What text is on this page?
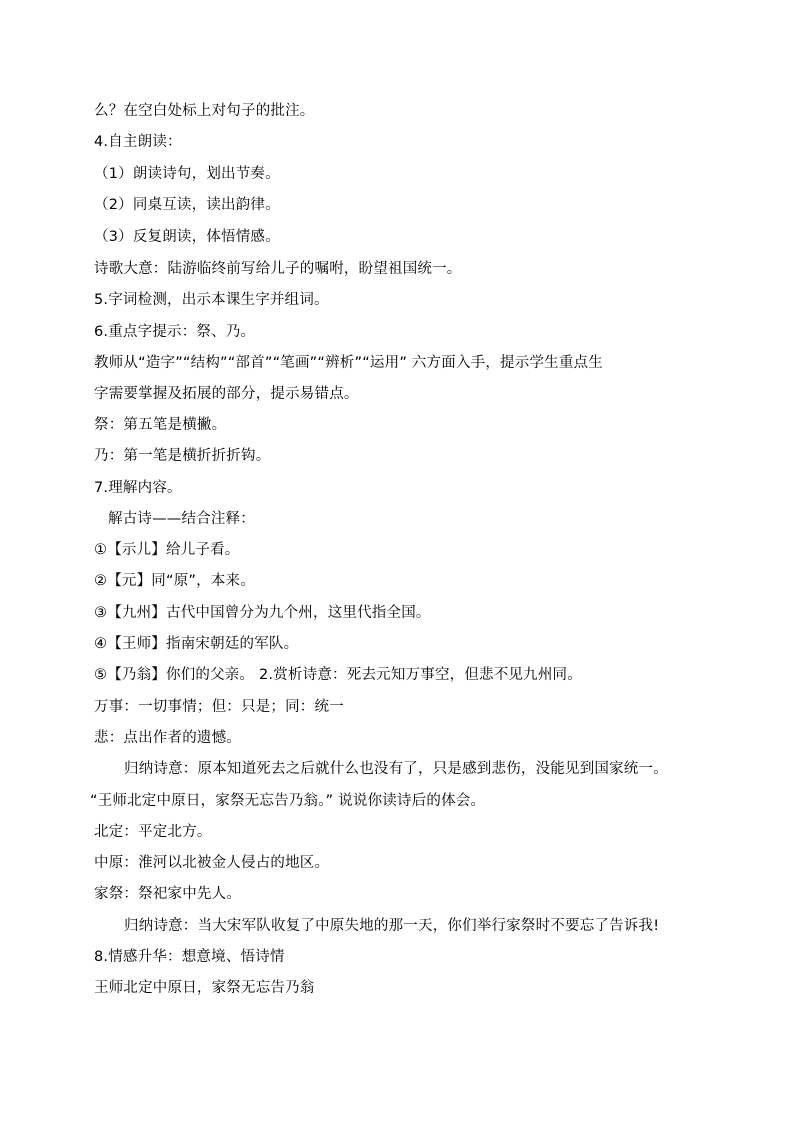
么？在空白处标上对句子的批注。
4.自主朗读：
（1）朗读诗句，划出节奏。
（2）同桌互读，读出韵律。
（3）反复朗读，体悟情感。
诗歌大意：陆游临终前写给儿子的嘱咐，盼望祖国统一。
5.字词检测，出示本课生字并组词。
6.重点字提示：祭、乃。
教师从“造字”“结构”“部首”“笔画”“辨析”“运用” 六方面入手，提示学生重点生
字需要掌握及拓展的部分，提示易错点。
祭：第五笔是横撇。
乃：第一笔是横折折折钩。
7.理解内容。
解古诗——结合注释：
①【示儿】给儿子看。
②【元】同“原”，本来。
③【九州】古代中国曾分为九个州，这里代指全国。
④【王师】指南宋朝廷的军队。
⑤【乃翁】你们的父亲。 2.赏析诗意：死去元知万事空，但悲不见九州同。
万事：一切事情；但：只是；同：统一
悲：点出作者的遗憾。
归纳诗意：原本知道死去之后就什么也没有了，只是感到悲伤，没能见到国家统一。
“王师北定中原日，家祭无忘告乃翁。” 说说你读诗后的体会。
北定：平定北方。
中原：淮河以北被金人侵占的地区。
家祭：祭祀家中先人。
归纳诗意：当大宋军队收复了中原失地的那一天，你们举行家祭时不要忘了告诉我!
8.情感升华：想意境、悟诗情
王师北定中原日，家祭无忘告乃翁
